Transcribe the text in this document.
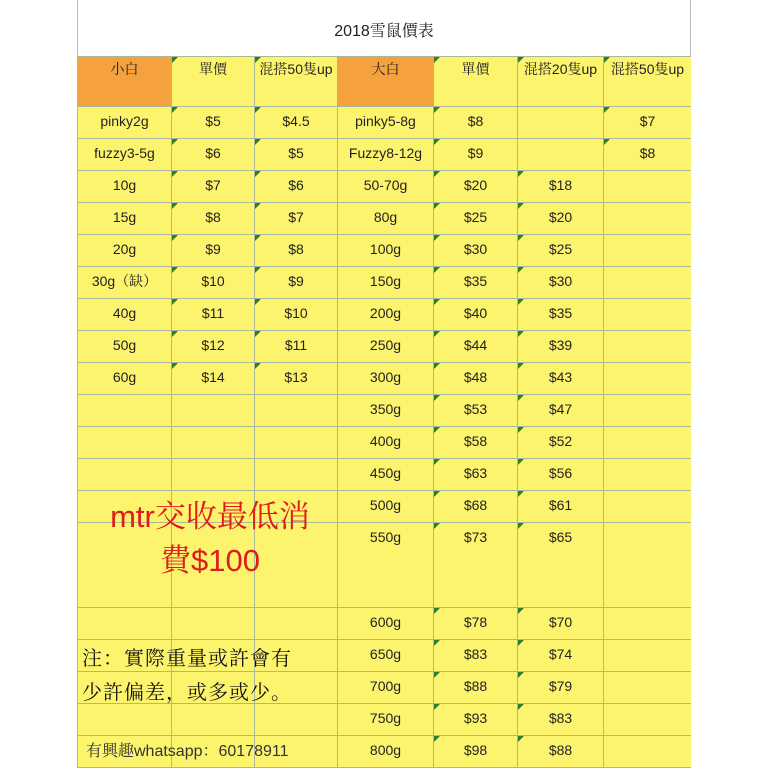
2018雪鼠價表
小白	單價	混搭50隻up	大白	單價	混搭20隻up	混搭50隻up

pinky2g	$5	$4.5	pinky5-8g	$8		$7

fuzzy3-5g	$6	$5	Fuzzy8-12g	$9		$8

10g	$7	$6	50-70g	$20	$18	

15g	$8	$7	80g	$25	$20	

20g	$9	$8	100g	$30	$25	

30g（缺）	$10	$9	150g	$35	$30	

40g	$11	$10	200g	$40	$35	

50g	$12	$11	250g	$44	$39	

60g	$14	$13	300g	$48	$43	

			350g	$53	$47	

			400g	$58	$52	

			450g	$63	$56	

			500g	$68	$61	

			550g	$73	$65	

			600g	$78	$70	

			650g	$83	$74	

			700g	$88	$79	

			750g	$93	$83	

			800g	$98	$88	

mtr交收最低消
費$100
注：實際重量或許會有
少許偏差，或多或少。
有興趣whatsapp：60178911
